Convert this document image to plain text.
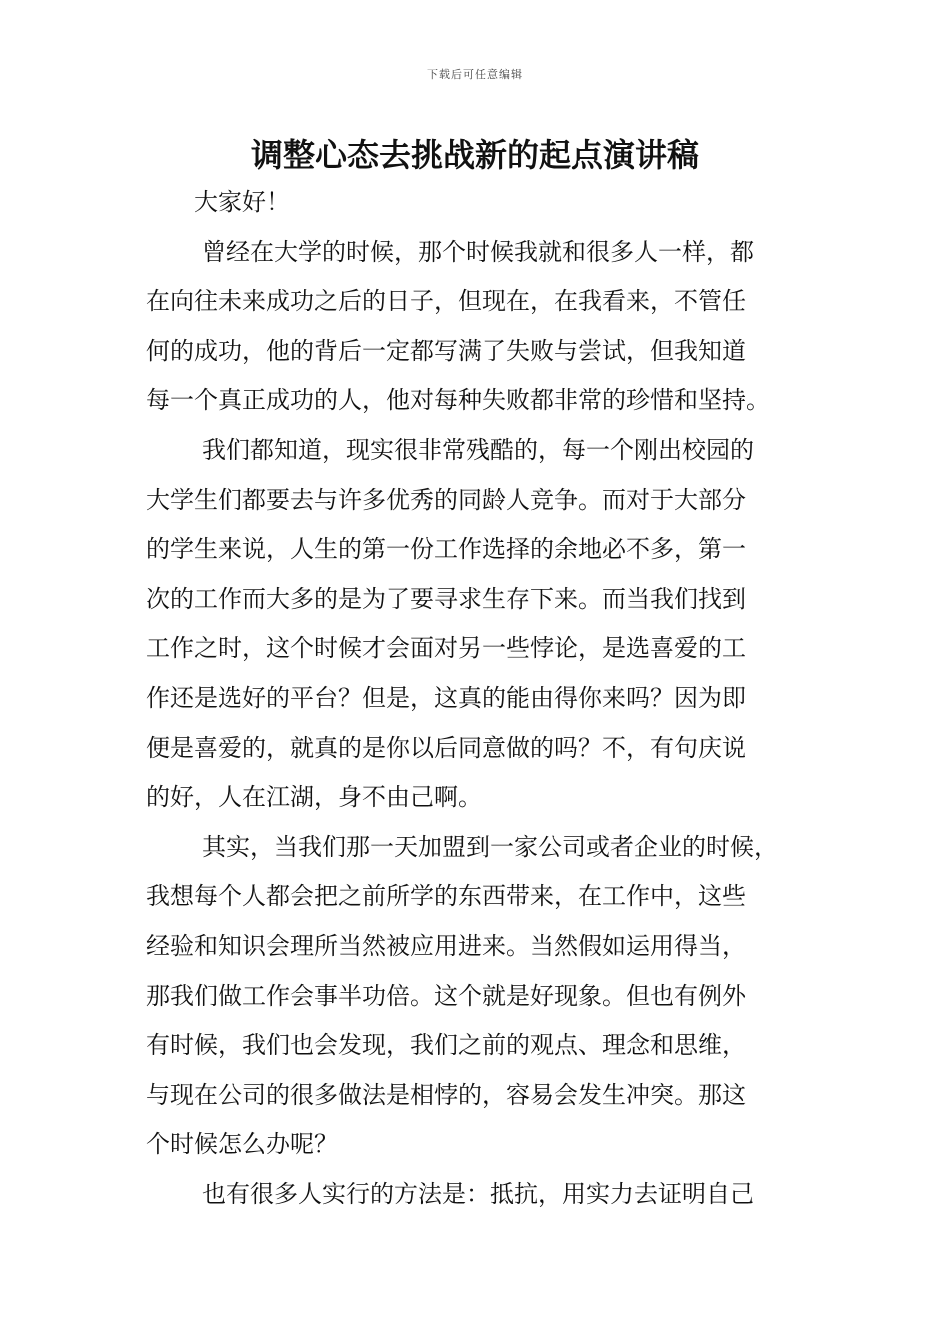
下载后可任意编辑
调整心态去挑战新的起点演讲稿
大家好！
曾经在大学的时候，那个时候我就和很多人一样，都
在向往未来成功之后的日子，但现在，在我看来，不管任
何的成功，他的背后一定都写满了失败与尝试，但我知道
每一个真正成功的人，他对每种失败都非常的珍惜和坚持。
我们都知道，现实很非常残酷的，每一个刚出校园的
大学生们都要去与许多优秀的同龄人竞争。而对于大部分
的学生来说，人生的第一份工作选择的余地必不多，第一
次的工作而大多的是为了要寻求生存下来。而当我们找到
工作之时，这个时候才会面对另一些悖论，是选喜爱的工
作还是选好的平台？但是，这真的能由得你来吗？因为即
便是喜爱的，就真的是你以后同意做的吗？不，有句庆说
的好，人在江湖，身不由己啊。
其实，当我们那一天加盟到一家公司或者企业的时候，
我想每个人都会把之前所学的东西带来，在工作中，这些
经验和知识会理所当然被应用进来。当然假如运用得当，
那我们做工作会事半功倍。这个就是好现象。但也有例外
有时候，我们也会发现，我们之前的观点、理念和思维，
与现在公司的很多做法是相悖的，容易会发生冲突。那这
个时候怎么办呢？
也有很多人实行的方法是：抵抗，用实力去证明自己
